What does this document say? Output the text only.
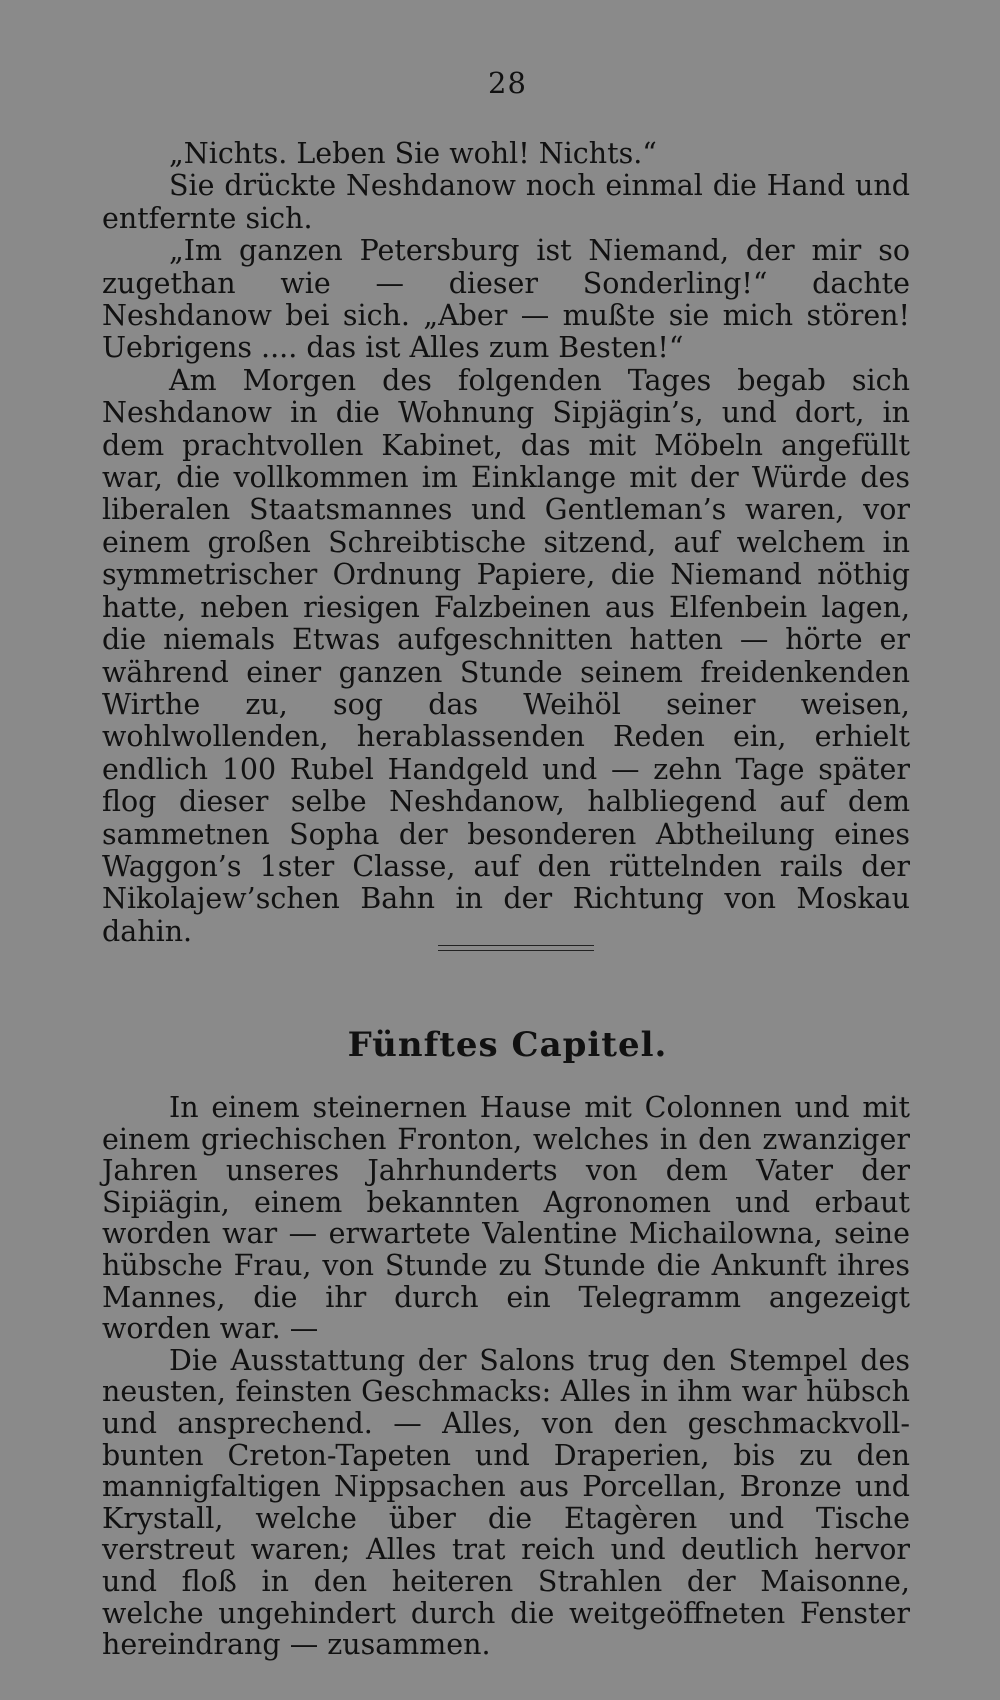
28

„Nichts. Leben Sie wohl! Nichts.“

Sie drückte Neshdanow noch einmal die Hand und entfernte sich.

„Im ganzen Petersburg ist Niemand, der mir so zugethan wie — dieser Sonderling!“ dachte Neshdanow bei sich. „Aber — mußte sie mich stören! Uebrigens .... das ist Alles zum Besten!“

Am Morgen des folgenden Tages begab sich Neshdanow in die Wohnung Sipjägin’s, und dort, in dem prachtvollen Kabinet, das mit Möbeln angefüllt war, die vollkommen im Einklange mit der Würde des liberalen Staatsmannes und Gentleman’s waren, vor einem großen Schreibtische sitzend, auf welchem in symmetrischer Ordnung Papiere, die Niemand nöthig hatte, neben riesigen Falzbeinen aus Elfenbein lagen, die niemals Etwas aufgeschnitten hatten — hörte er während einer ganzen Stunde seinem freidenkenden Wirthe zu, sog das Weihöl seiner weisen, wohlwollenden, herablassenden Reden ein, erhielt endlich 100 Rubel Handgeld und — zehn Tage später flog dieser selbe Neshdanow, halbliegend auf dem sammetnen Sopha der besonderen Abtheilung eines Waggon’s 1ster Classe, auf den rüttelnden rails der Nikolajew’schen Bahn in der Richtung von Moskau dahin.

Fünftes Capitel.

In einem steinernen Hause mit Colonnen und mit einem griechischen Fronton, welches in den zwanziger Jahren unseres Jahrhunderts von dem Vater der Sipiägin, einem bekannten Agronomen und erbaut worden war — erwartete Valentine Michailowna, seine hübsche Frau, von Stunde zu Stunde die Ankunft ihres Mannes, die ihr durch ein Telegramm angezeigt worden war. —

Die Ausstattung der Salons trug den Stempel des neusten, feinsten Geschmacks: Alles in ihm war hübsch und ansprechend. — Alles, von den geschmackvoll-bunten Creton-Tapeten und Draperien, bis zu den mannigfaltigen Nippsachen aus Porcellan, Bronze und Krystall, welche über die Etagèren und Tische verstreut waren; Alles trat reich und deutlich hervor und floß in den heiteren Strahlen der Maisonne, welche ungehindert durch die weitgeöffneten Fenster hereindrang — zusammen.
